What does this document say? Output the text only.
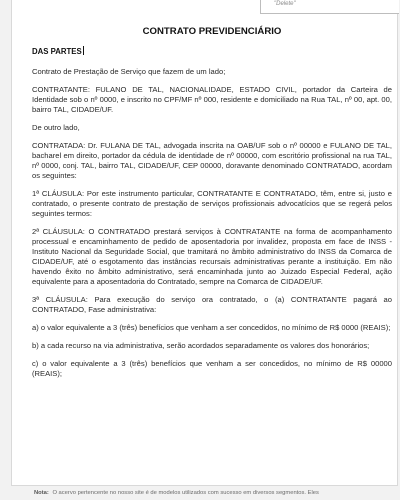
CONTRATO PREVIDENCIÁRIO
DAS PARTES

Contrato de Prestação de Serviço que fazem de um lado;

CONTRATANTE: FULANO DE TAL, NACIONALIDADE, ESTADO CIVIL, portador da Carteira de Identidade sob o nº 0000, e inscrito no CPF/MF nº 000, residente e domiciliado na Rua TAL, nº 00, apt. 00, bairro TAL, CIDADE/UF.

De outro lado,

CONTRATADA: Dr. FULANA DE TAL, advogada inscrita na OAB/UF sob o nº 00000 e FULANO DE TAL, bacharel em direito, portador da cédula de identidade de nº 00000, com escritório profissional na rua TAL, nº 0000, conj. TAL, bairro TAL, CIDADE/UF, CEP 00000, doravante denominado CONTRATADO, acordam os seguintes:

1ª CLÁUSULA: Por este instrumento particular, CONTRATANTE E CONTRATADO, têm, entre si, justo e contratado, o presente contrato de prestação de serviços profissionais advocatícios que se regerá pelos seguintes termos:

2ª CLÁUSULA: O CONTRATADO prestará serviços à CONTRATANTE na forma de acompanhamento processual e encaminhamento de pedido de aposentadoria por invalidez, proposta em face de INSS - Instituto Nacional da Seguridade Social, que tramitará no âmbito administrativo do INSS da Comarca de CIDADE/UF, até o esgotamento das instâncias recursais administrativas perante a instituição. Em não havendo êxito no âmbito administrativo, será encaminhada junto ao Juizado Especial Federal, ação equivalente para a aposentadoria do Contratado, sempre na Comarca de CIDADE/UF.

3ª CLÁUSULA: Para execução do serviço ora contratado, o (a) CONTRATANTE pagará ao CONTRATADO, Fase administrativa:

a) o valor equivalente a 3 (três) benefícios que venham a ser concedidos, no mínimo de R$ 0000 (REAIS);

b) a cada recurso na via administrativa, serão acordados separadamente os valores dos honorários;

c) o valor equivalente a 3 (três) benefícios que venham a ser concedidos, no mínimo de R$ 00000 (REAIS);

"Delete"
Nota: O acervo pertencente no nosso site é de modelos utilizados com sucesso em diversos segmentos. Eles
